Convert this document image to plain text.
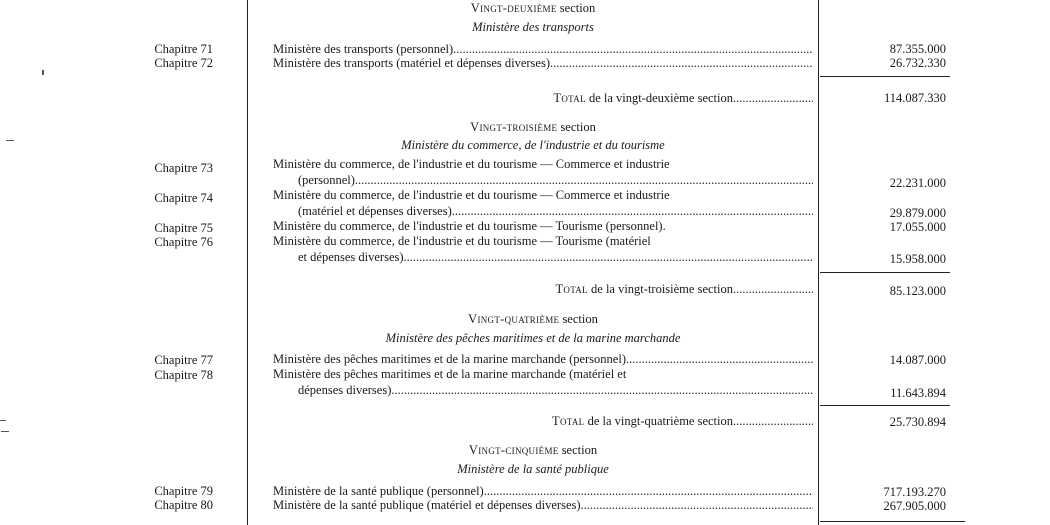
Vingt-deuxième section
Ministère des transports
Chapitre 71	Ministère des transports (personnel) .....	87.355.000
Chapitre 72	Ministère des transports (matériel et dépenses diverses) .....	26.732.330
Total
de la vingt-deuxième section .....	114.087.330
Vingt-troisième section
Ministère du commerce, de l'industrie et du tourisme
Chapitre 73	Ministère du commerce, de l'industrie et du tourisme — Commerce et industrie
(personnel) .....	22.231.000
Chapitre 74	Ministère du commerce, de l'industrie et du tourisme — Commerce et industrie
(matériel et dépenses diverses) .....	29.879.000
Chapitre 75	Ministère du commerce, de l'industrie et du tourisme — Tourisme (personnel).	17.055.000
Chapitre 76	Ministère du commerce, de l'industrie et du tourisme — Tourisme (matériel
et dépenses diverses) .....	15.958.000
Total
de la vingt-troisième section .....	85.123.000
Vingt-quatrième section
Ministère des pêches maritimes et de la marine marchande
Chapitre 77	Ministère des pêches maritimes et de la marine marchande (personnel) .....	14.087.000
Chapitre 78	Ministère des pêches maritimes et de la marine marchande (matériel et
dépenses diverses) .....	11.643.894
Total
de la vingt-quatrième section .....	25.730.894
Vingt-cinquième section
Ministère de la santé publique
Chapitre 79	Ministère de la santé publique (personnel) .....	717.193.270
Chapitre 80	Ministère de la santé publique (matériel et dépenses diverses) .....	267.905.000
